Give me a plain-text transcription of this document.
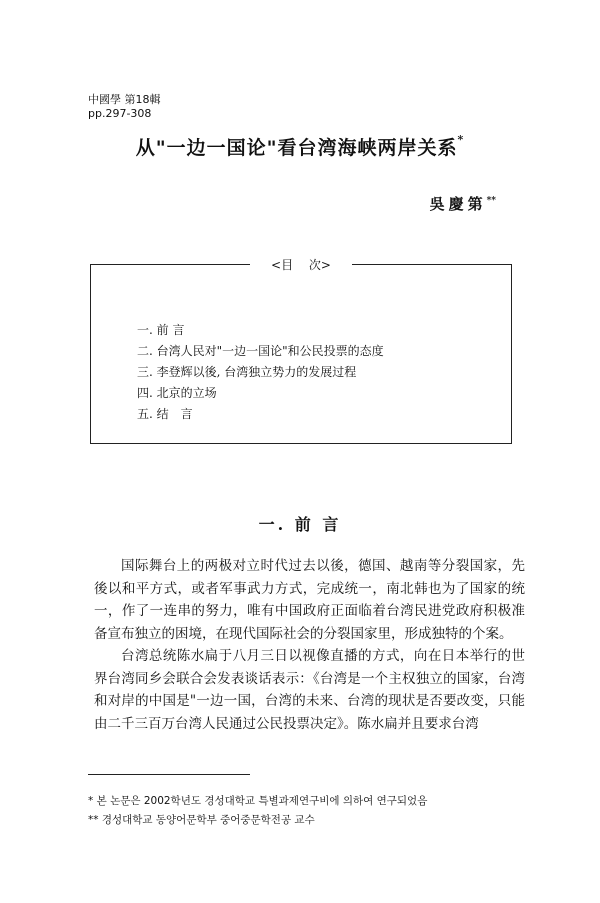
中國學 第18輯
pp.297-308
从"一边一国论"看台湾海峡两岸关系*
吳慶第**
<目　 次>
一. 前 言
二. 台湾人民对"一边一国论"和公民投票的态度
三. 李登辉以後, 台湾独立势力的发展过程
四. 北京的立场
五. 结　言
一. 前 言

国际舞台上的两极对立时代过去以後，德国、越南等分裂国家，先後以和平方式，或者军事武力方式，完成统一，南北韩也为了国家的统一，作了一连串的努力，唯有中国政府正面临着台湾民进党政府积极准备宣布独立的困境，在现代国际社会的分裂国家里，形成独特的个案。

台湾总统陈水扁于八月三日以视像直播的方式，向在日本举行的世界台湾同乡会联合会发表谈话表示：《台湾是一个主权独立的国家，台湾和对岸的中国是"一边一国，台湾的未来、台湾的现状是否要改变，只能由二千三百万台湾人民通过公民投票决定》。陈水扁并且要求台湾

* 본 논문은 2002학년도 경성대학교 특별과제연구비에 의하여 연구되었음
** 경성대학교 동양어문학부 중어중문학전공 교수
